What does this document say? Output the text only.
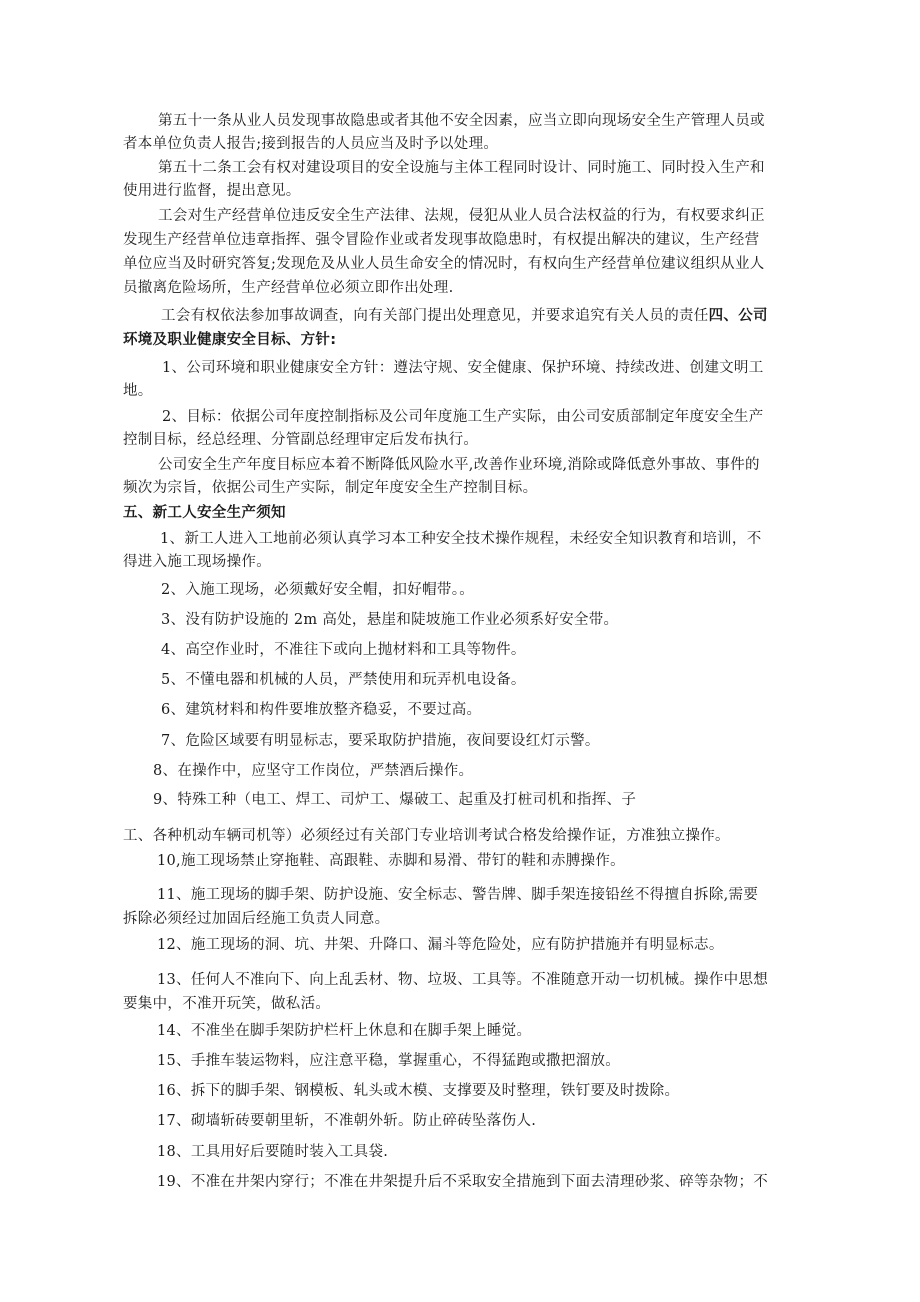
第五十一条从业人员发现事故隐患或者其他不安全因素，应当立即向现场安全生产管理人员或
者本单位负责人报告;接到报告的人员应当及时予以处理。
第五十二条工会有权对建设项目的安全设施与主体工程同时设计、同时施工、同时投入生产和
使用进行监督，提出意见。
工会对生产经营单位违反安全生产法律、法规，侵犯从业人员合法权益的行为，有权要求纠正
发现生产经营单位违章指挥、强令冒险作业或者发现事故隐患时，有权提出解决的建议，生产经营
单位应当及时研究答复;发现危及从业人员生命安全的情况时，有权向生产经营单位建议组织从业人
员撤离危险场所，生产经营单位必须立即作出处理.
工会有权依法参加事故调查，向有关部门提出处理意见，并要求追究有关人员的责任四、公司
环境及职业健康安全目标、方针:
1、公司环境和职业健康安全方针：遵法守规、安全健康、保护环境、持续改进、创建文明工
地。
2、目标：依据公司年度控制指标及公司年度施工生产实际，由公司安质部制定年度安全生产
控制目标，经总经理、分管副总经理审定后发布执行。
公司安全生产年度目标应本着不断降低风险水平,改善作业环境,消除或降低意外事故、事件的
频次为宗旨，依据公司生产实际，制定年度安全生产控制目标。
五、新工人安全生产须知
1、新工人进入工地前必须认真学习本工种安全技术操作规程，未经安全知识教育和培训，不
得进入施工现场操作。
2、入施工现场，必须戴好安全帽，扣好帽带。。
3、没有防护设施的 2m 高处，悬崖和陡坡施工作业必须系好安全带。
4、高空作业时，不准往下或向上抛材料和工具等物件。
5、不懂电器和机械的人员，严禁使用和玩弄机电设备。
6、建筑材料和构件要堆放整齐稳妥，不要过高。
7、危险区域要有明显标志，要采取防护措施，夜间要设红灯示警。
8、在操作中，应坚守工作岗位，严禁酒后操作。
9、特殊工种（电工、焊工、司炉工、爆破工、起重及打桩司机和指挥、子
工、各种机动车辆司机等）必须经过有关部门专业培训考试合格发给操作证，方准独立操作。
10,施工现场禁止穿拖鞋、高跟鞋、赤脚和易滑、带钉的鞋和赤膊操作。
11、施工现场的脚手架、防护设施、安全标志、警告牌、脚手架连接铅丝不得擅自拆除,需要
拆除必须经过加固后经施工负责人同意。
12、施工现场的洞、坑、井架、升降口、漏斗等危险处，应有防护措施并有明显标志。
13、任何人不准向下、向上乱丢材、物、垃圾、工具等。不准随意开动一切机械。操作中思想
要集中，不准开玩笑，做私活。
14、不准坐在脚手架防护栏杆上休息和在脚手架上睡觉。
15、手推车装运物料，应注意平稳，掌握重心，不得猛跑或撒把溜放。
16、拆下的脚手架、钢模板、轧头或木模、支撑要及时整理，铁钉要及时拨除。
17、砌墙斩砖要朝里斩，不准朝外斩。防止碎砖坠落伤人.
18、工具用好后要随时装入工具袋.
19、不准在井架内穿行；不准在井架提升后不采取安全措施到下面去清理砂浆、碎等杂物；不
